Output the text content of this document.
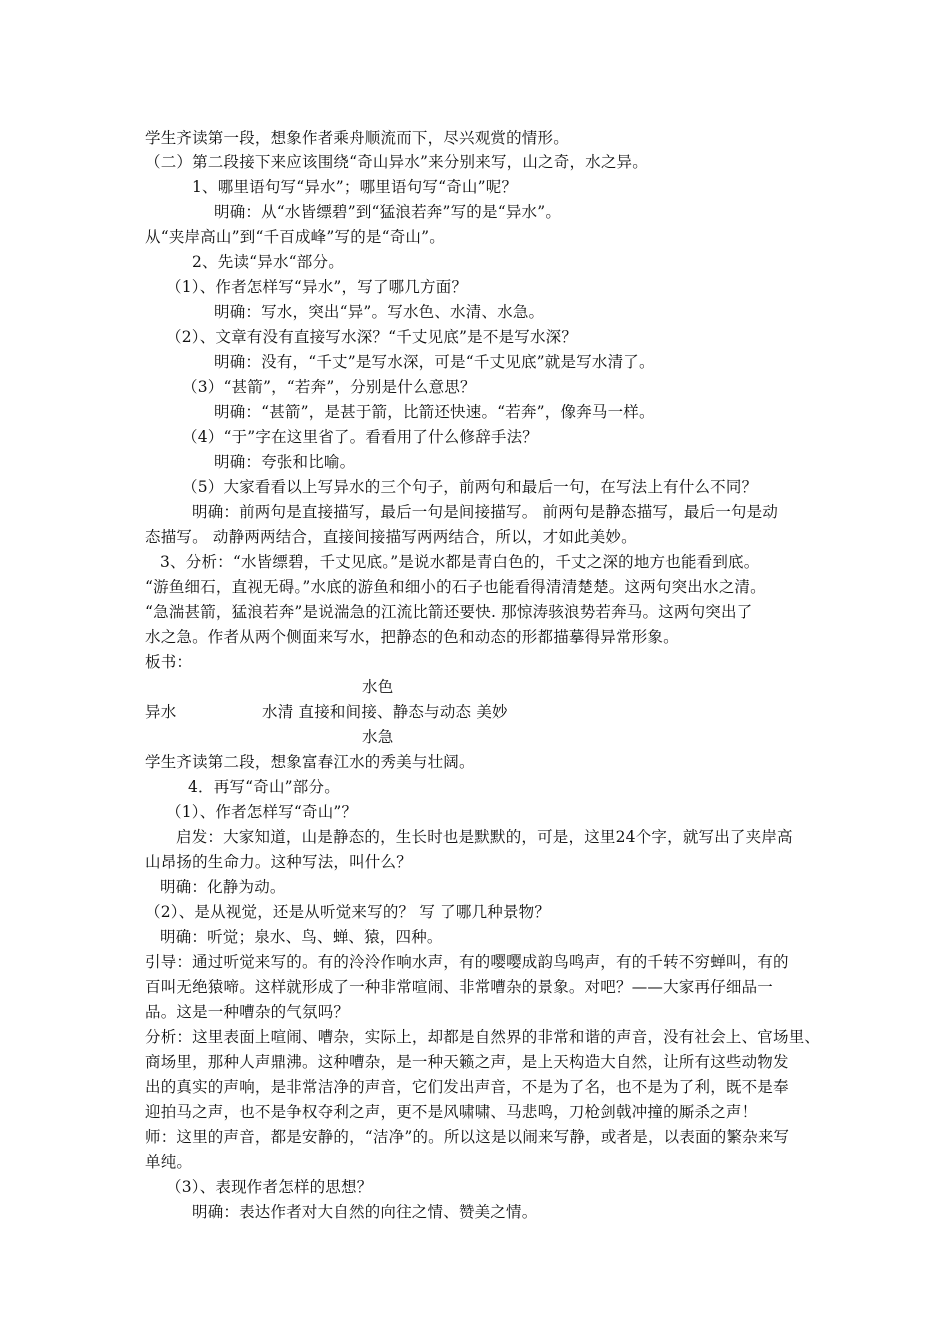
学生齐读第一段，想象作者乘舟顺流而下，尽兴观赏的情形。
（二）第二段接下来应该围绕“奇山异水”来分别来写，山之奇，水之异。
1、哪里语句写“异水”；哪里语句写“奇山”呢？
明确：从“水皆缥碧”到“猛浪若奔”写的是“异水”。
从“夹岸高山”到“千百成峰”写的是“奇山”。
2、先读“异水“部分。
（1）、作者怎样写“异水”，写了哪几方面？
明确：写水，突出“异”。写水色、水清、水急。
（2）、文章有没有直接写水深？“千丈见底”是不是写水深？
明确：没有，“千丈”是写水深，可是“千丈见底”就是写水清了。
（3）“甚箭”，“若奔”，分别是什么意思？
明确：“甚箭”，是甚于箭，比箭还快速。“若奔”，像奔马一样。
（4）“于”字在这里省了。看看用了什么修辞手法？
明确：夸张和比喻。
（5）大家看看以上写异水的三个句子，前两句和最后一句，在写法上有什么不同？
明确：前两句是直接描写，最后一句是间接描写。 前两句是静态描写，最后一句是动
态描写。 动静两两结合，直接间接描写两两结合，所以，才如此美妙。
3、分析：“水皆缥碧，千丈见底。”是说水都是青白色的，千丈之深的地方也能看到底。
“游鱼细石，直视无碍。”水底的游鱼和细小的石子也能看得清清楚楚。这两句突出水之清。
“急湍甚箭，猛浪若奔”是说湍急的江流比箭还要快. 那惊涛骇浪势若奔马。这两句突出了
水之急。作者从两个侧面来写水，把静态的色和动态的形都描摹得异常形象。
板书：
水色
异水	水清 直接和间接、静态与动态 美妙
水急
学生齐读第二段，想象富春江水的秀美与壮阔。
4．再写“奇山”部分。
（1）、作者怎样写“奇山”？
启发：大家知道，山是静态的，生长时也是默默的，可是，这里24个字，就写出了夹岸高
山昂扬的生命力。这种写法，叫什么？
明确：化静为动。
（2）、是从视觉，还是从听觉来写的？ 写 了哪几种景物？
明确：听觉；泉水、鸟、蝉、猿，四种。
引导：通过听觉来写的。有的泠泠作响水声，有的嘤嘤成韵鸟鸣声，有的千转不穷蝉叫，有的
百叫无绝猿啼。这样就形成了一种非常喧闹、非常嘈杂的景象。对吧？——大家再仔细品一
品。这是一种嘈杂的气氛吗？
分析：这里表面上喧闹、嘈杂，实际上，却都是自然界的非常和谐的声音，没有社会上、官场里、
商场里，那种人声鼎沸。这种嘈杂，是一种天籁之声，是上天构造大自然，让所有这些动物发
出的真实的声响，是非常洁净的声音，它们发出声音，不是为了名，也不是为了利，既不是奉
迎拍马之声，也不是争权夺利之声，更不是风啸啸、马悲鸣，刀枪剑戟冲撞的厮杀之声！
师：这里的声音，都是安静的，“洁净”的。所以这是以闹来写静，或者是，以表面的繁杂来写
单纯。
（3）、表现作者怎样的思想？
明确：表达作者对大自然的向往之情、赞美之情。
